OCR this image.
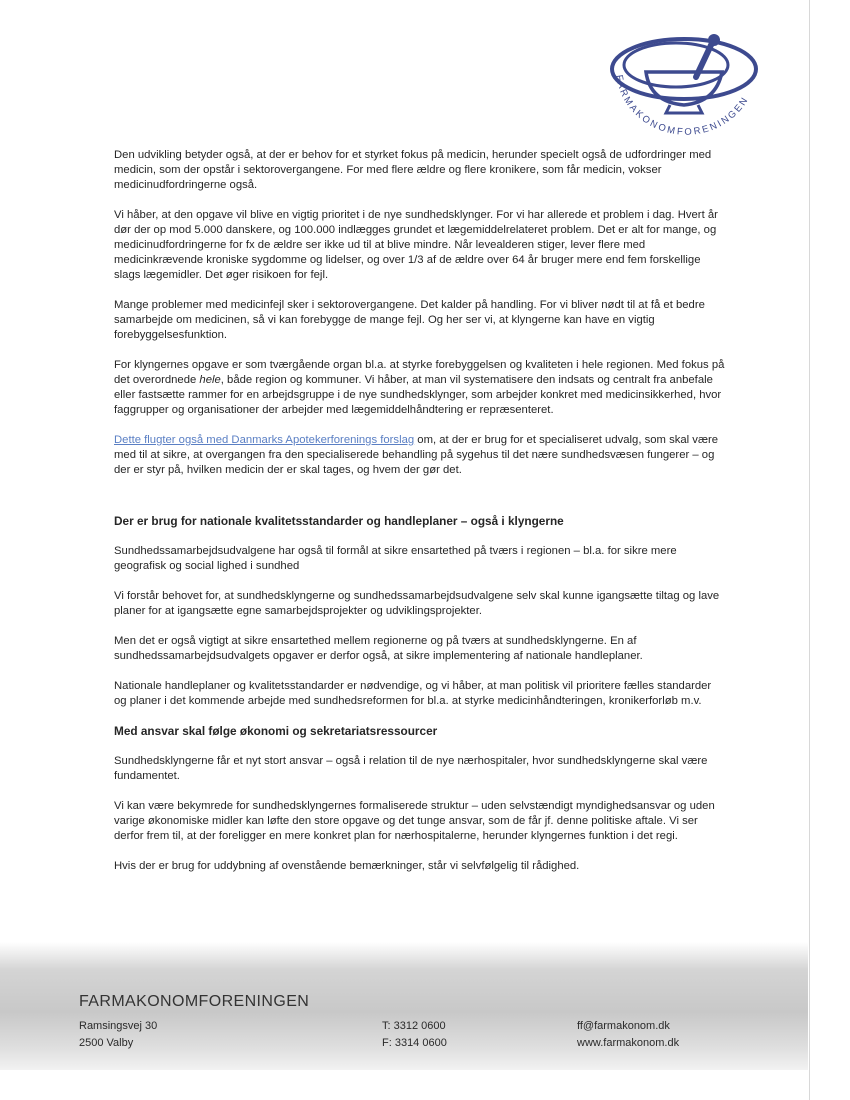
FARMAKONOMFORENINGEN

Den udvikling betyder også, at der er behov for et styrket fokus på medicin, herunder specielt også de udfordringer med medicin, som der opstår i sektorovergangene. For med flere ældre og flere kronikere, som får medicin, vokser medicinudfordringerne også.

Vi håber, at den opgave vil blive en vigtig prioritet i de nye sundhedsklynger. For vi har allerede et problem i dag. Hvert år dør der op mod 5.000 danskere, og 100.000 indlægges grundet et lægemiddelrelateret problem. Det er alt for mange, og medicinudfordringerne for fx de ældre ser ikke ud til at blive mindre. Når levealderen stiger, lever flere med medicinkrævende kroniske sygdomme og lidelser, og over 1/3 af de ældre over 64 år bruger mere end fem forskellige slags lægemidler. Det øger risikoen for fejl.

Mange problemer med medicinfejl sker i sektorovergangene. Det kalder på handling. For vi bliver nødt til at få et bedre samarbejde om medicinen, så vi kan forebygge de mange fejl. Og her ser vi, at klyngerne kan have en vigtig forebyggelsesfunktion.

For klyngernes opgave er som tværgående organ bl.a. at styrke forebyggelsen og kvaliteten i hele regionen. Med fokus på det overordnede hele, både region og kommuner. Vi håber, at man vil systematisere den indsats og centralt fra anbefale eller fastsætte rammer for en arbejdsgruppe i de nye sundhedsklynger, som arbejder konkret med medicinsikkerhed, hvor faggrupper og organisationer der arbejder med lægemiddelhåndtering er repræsenteret.

Dette flugter også med Danmarks Apotekerforenings forslag om, at der er brug for et specialiseret udvalg, som skal være med til at sikre, at overgangen fra den specialiserede behandling på sygehus til det nære sundhedsvæsen fungerer – og der er styr på, hvilken medicin der er skal tages, og hvem der gør det.

Der er brug for nationale kvalitetsstandarder og handleplaner – også i klyngerne

Sundhedssamarbejdsudvalgene har også til formål at sikre ensartethed på tværs i regionen – bl.a. for sikre mere geografisk og social lighed i sundhed

Vi forstår behovet for, at sundhedsklyngerne og sundhedssamarbejdsudvalgene selv skal kunne igangsætte tiltag og lave planer for at igangsætte egne samarbejdsprojekter og udviklingsprojekter.

Men det er også vigtigt at sikre ensartethed mellem regionerne og på tværs at sundhedsklyngerne. En af sundhedssamarbejdsudvalgets opgaver er derfor også, at sikre implementering af nationale handleplaner.

Nationale handleplaner og kvalitetsstandarder er nødvendige, og vi håber, at man politisk vil prioritere fælles standarder og planer i det kommende arbejde med sundhedsreformen for bl.a. at styrke medicinhåndteringen, kronikerforløb m.v.

Med ansvar skal følge økonomi og sekretariatsressourcer

Sundhedsklyngerne får et nyt stort ansvar – også i relation til de nye nærhospitaler, hvor sundhedsklyngerne skal være fundamentet.

Vi kan være bekymrede for sundhedsklyngernes formaliserede struktur – uden selvstændigt myndighedsansvar og uden varige økonomiske midler kan løfte den store opgave og det tunge ansvar, som de får jf. denne politiske aftale. Vi ser derfor frem til, at der foreligger en mere konkret plan for nærhospitalerne, herunder klyngernes funktion i det regi.

Hvis der er brug for uddybning af ovenstående bemærkninger, står vi selvfølgelig til rådighed.

FARMAKONOMFORENINGEN
Ramsingsvej 30
2500 Valby
T: 3312 0600
F: 3314 0600
ff@farmakonom.dk
www.farmakonom.dk
